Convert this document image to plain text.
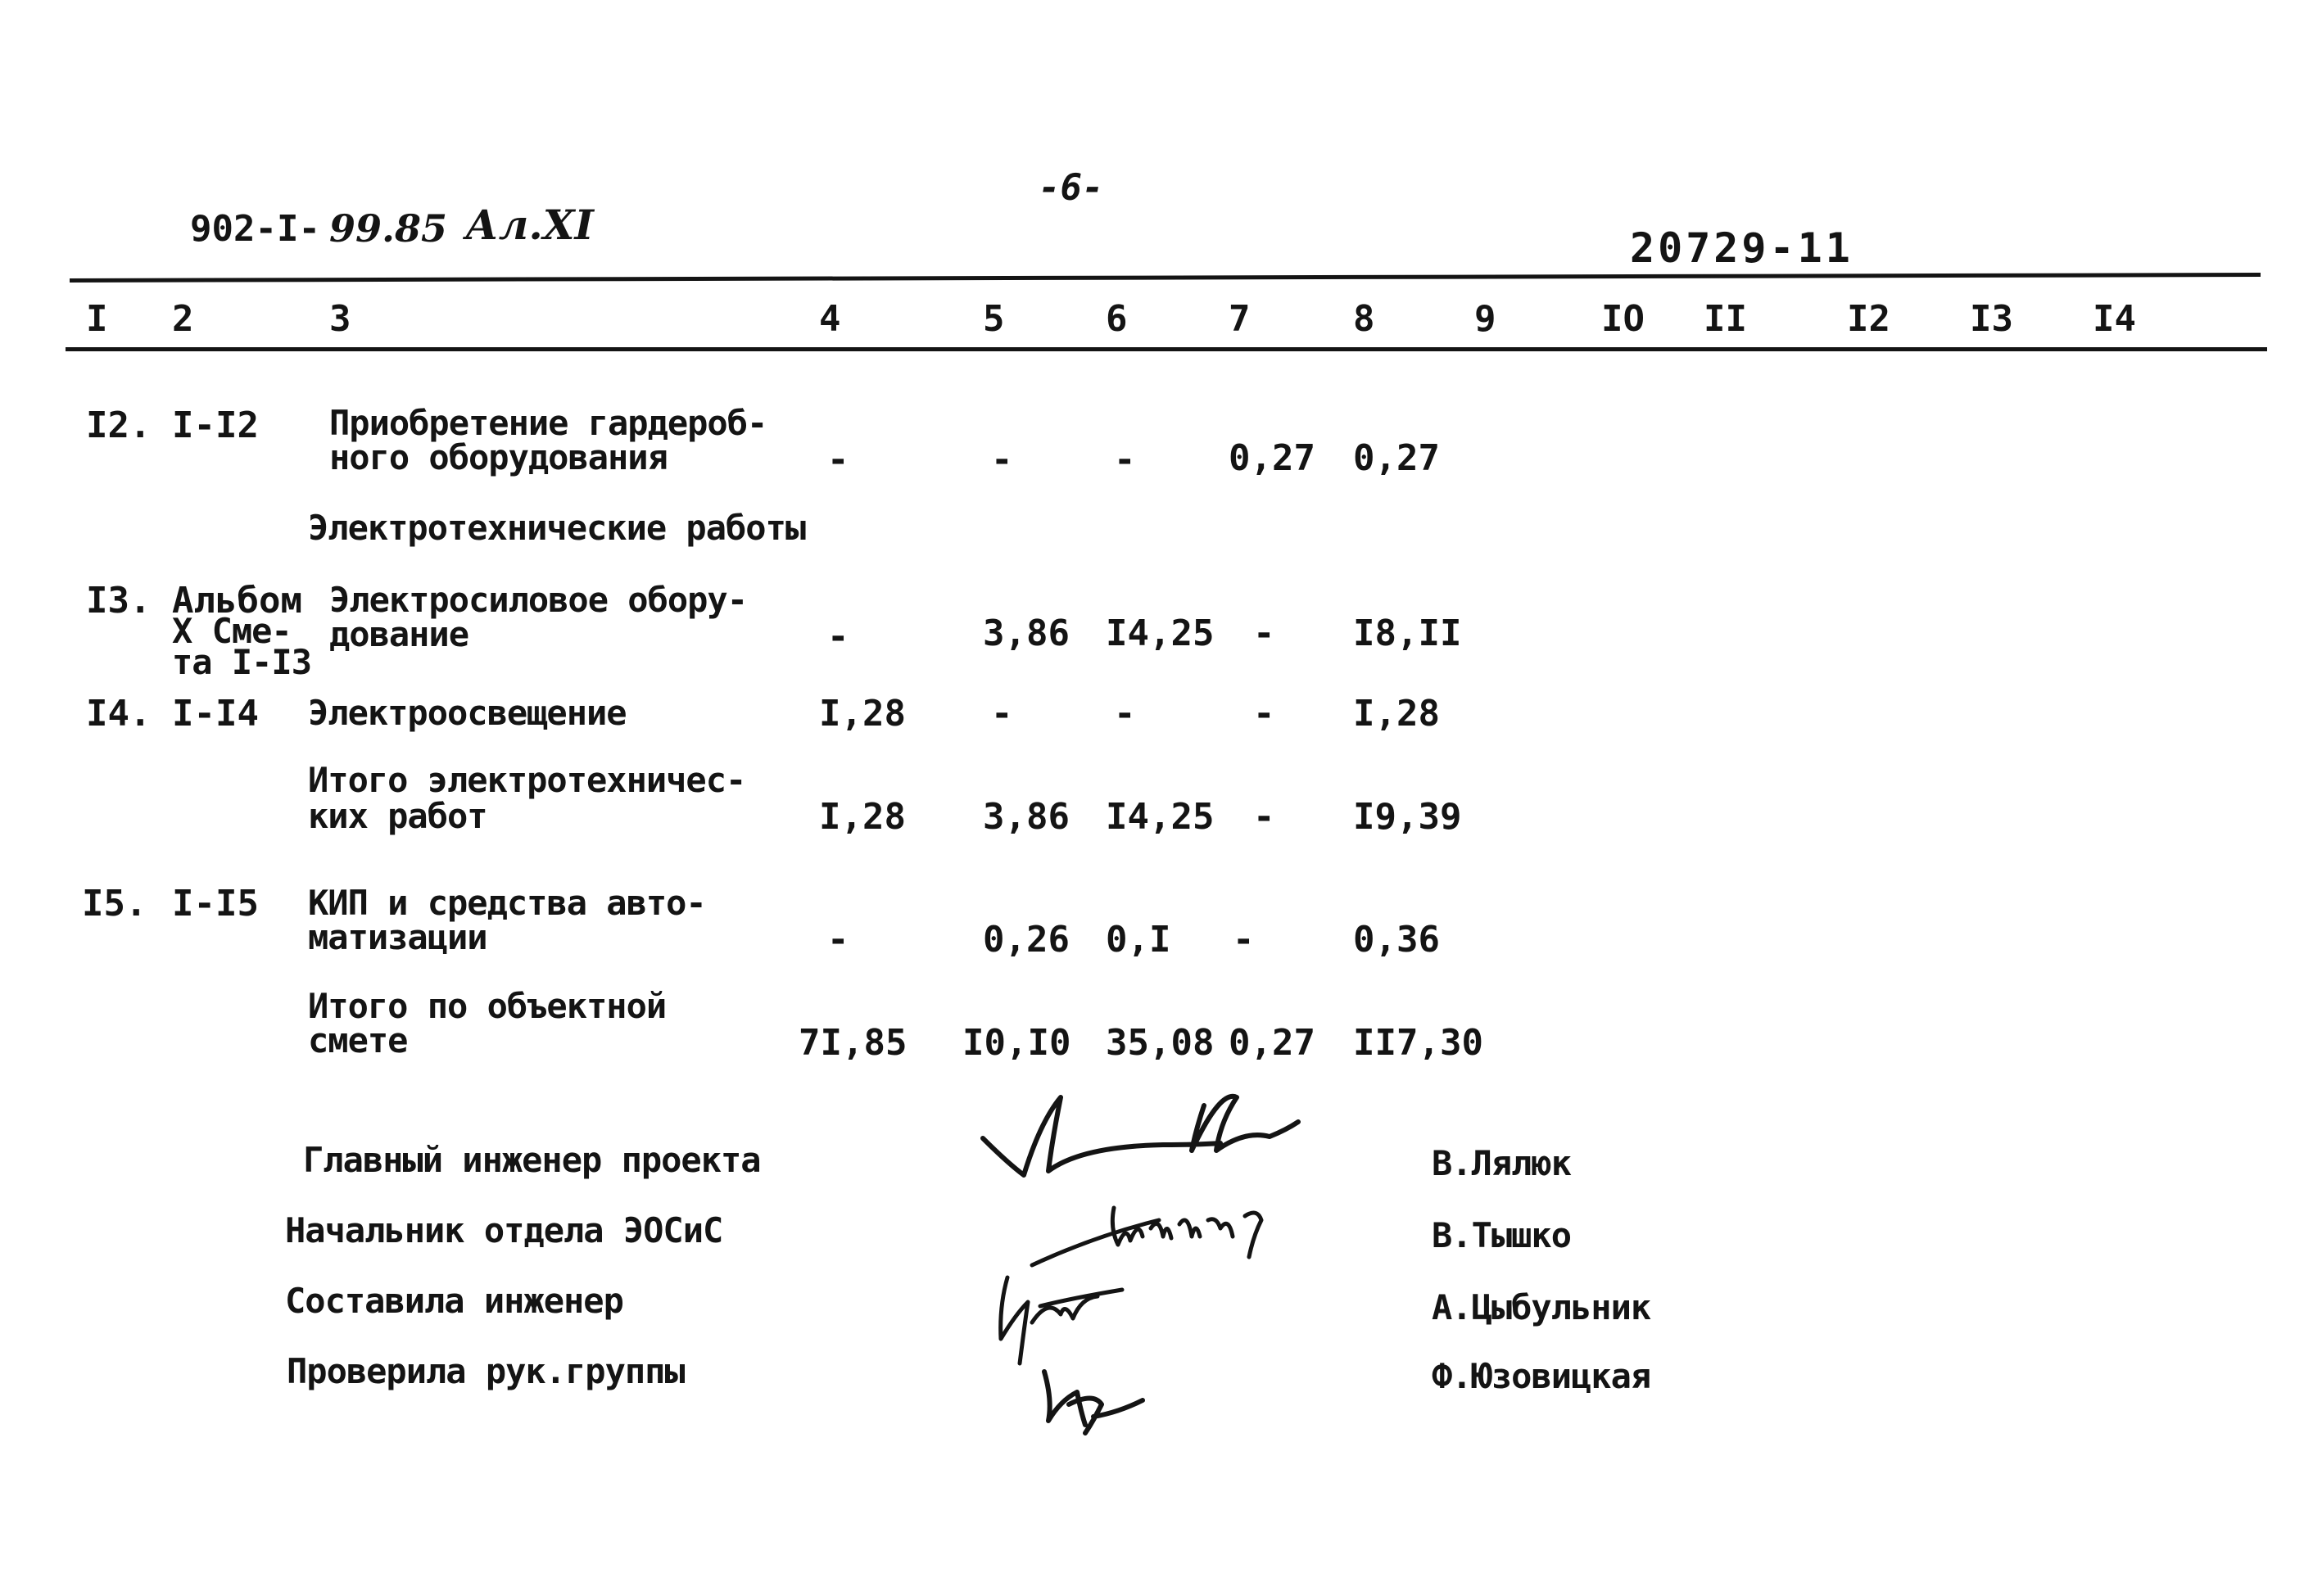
-6-
902-I- 99.85 Ал.XI	20729-11
I 2	3	4	5	6	7	8	9	IO II	I2 I3 I4
I2. I-I2 Приобретение гардероб-
ного оборудования	-	-	-	0,27 0,27
Электротехнические работы
I3. Альбом
X Сме-
та I-I3
Электросиловое обору-
дование	-	3,86 I4,25 - I8,II
I4. I-I4 Электроосвещение	I,28 -	-	- I,28
Итого электротехничес-
ких работ	I,28 3,86 I4,25 - I9,39
I5. I-I5 КИП и средства авто-
матизации	-	0,26 0,I -	0,36
Итого по объектной
смете	7I,85 I0,I0 35,08 0,27 II7,30
Главный инженер проекта
Начальник отдела ЭОСиС
Составила инженер
Проверила рук.группы
В.Лялюк
В.Тышко
А.Цыбульник
Ф.Юзовицкая
